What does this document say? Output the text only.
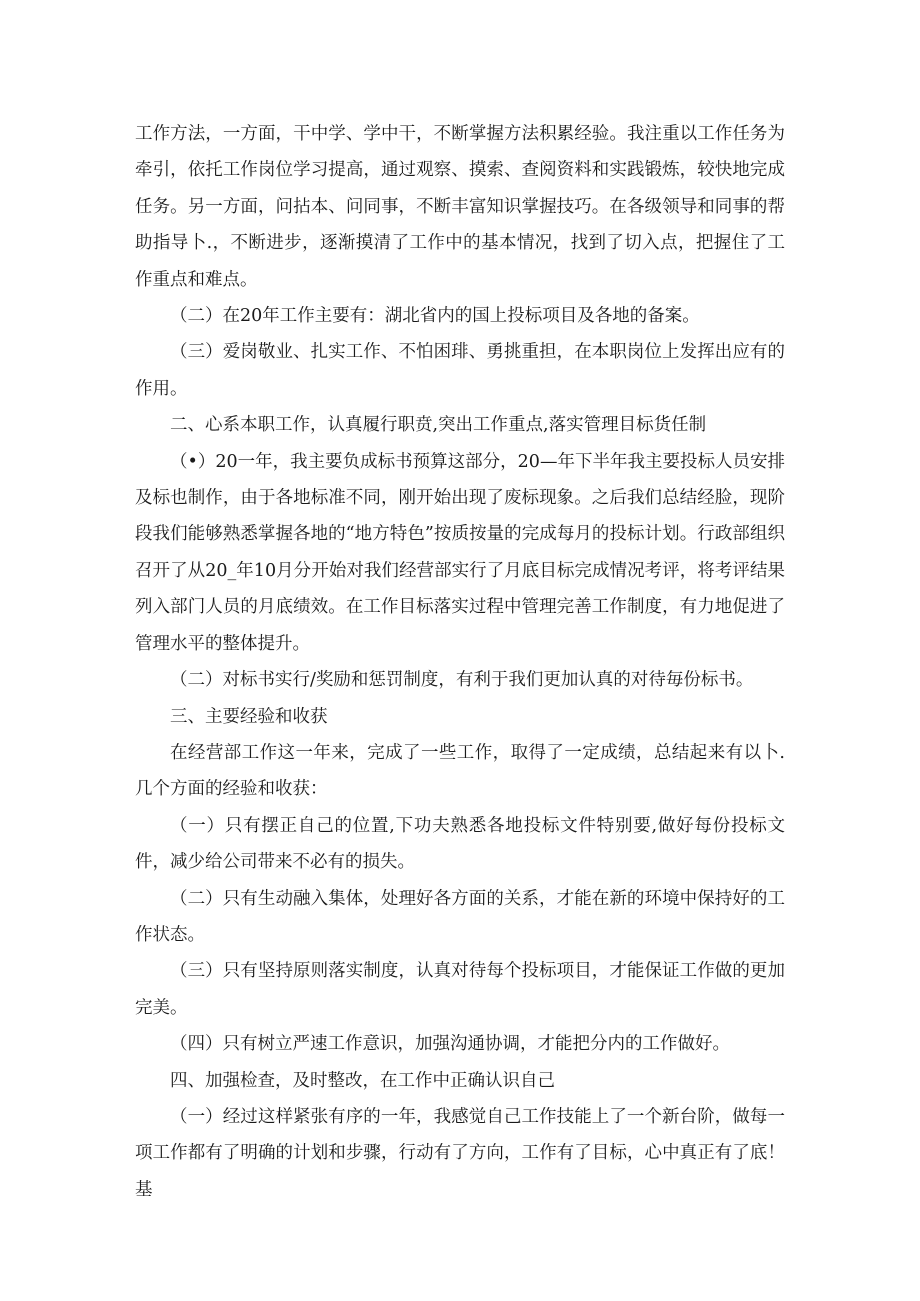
工作方法，一方面，干中学、学中干，不断掌握方法积累经验。我注重以工作任务为牵引，依托工作岗位学习提高，通过观察、摸索、查阅资料和实践锻炼，较快地完成任务。另一方面，问拈本、问同事，不断丰富知识掌握技巧。在各级领导和同事的帮助指导卜.，不断进步，逐渐摸清了工作中的基本情况，找到了切入点，把握住了工作重点和难点。

（二）在20年工作主要有：湖北省内的国上投标项目及各地的备案。

（三）爱岗敬业、扎实工作、不怕困琲、勇挑重担，在本职岗位上发挥出应有的作用。

二、心系本职工作，认真履行职贲,突出工作重点,落实管理目标货任制

（•）20一年，我主要负成标书预算这部分，20—年下半年我主要投标人员安排及标也制作，由于各地标准不同，刚开始出现了废标现象。之后我们总结经脸，现阶段我们能够熟悉掌握各地的“地方特色”按质按量的完成每月的投标计划。行政部组织召开了从20_年10月分开始对我们经营部实行了月底目标完成情况考评，将考评结果列入部门人员的月底绩效。在工作目标落实过程中管理完善工作制度，有力地促进了管理水平的整体提升。

（二）对标书实行/奖励和惩罚制度，有利于我们更加认真的对待毎份标书。

三、主要经验和收获

在经营部工作这一年来，完成了一些工作，取得了一定成绩，总结起来有以卜.几个方面的经验和收获：

（一）只有摆正自己的位置,下功夫熟悉各地投标文件特别要,做好每份投标文件，减少给公司带来不必有的损失。

（二）只有生动融入集体，处理好各方面的关系，才能在新的环境中保持好的工作状态。

（三）只有坚持原则落实制度，认真对待每个投标项目，才能保证工作做的更加完美。

（四）只有树立严速工作意识，加强沟通协调，才能把分内的工作做好。

四、加强检查，及时整改，在工作中正确认识自己

（一）经过这样紧张有序的一年，我感觉自己工作技能上了一个新台阶，做每一项工作都有了明确的计划和步骤，行动有了方向，工作有了目标，心中真正有了底！基
